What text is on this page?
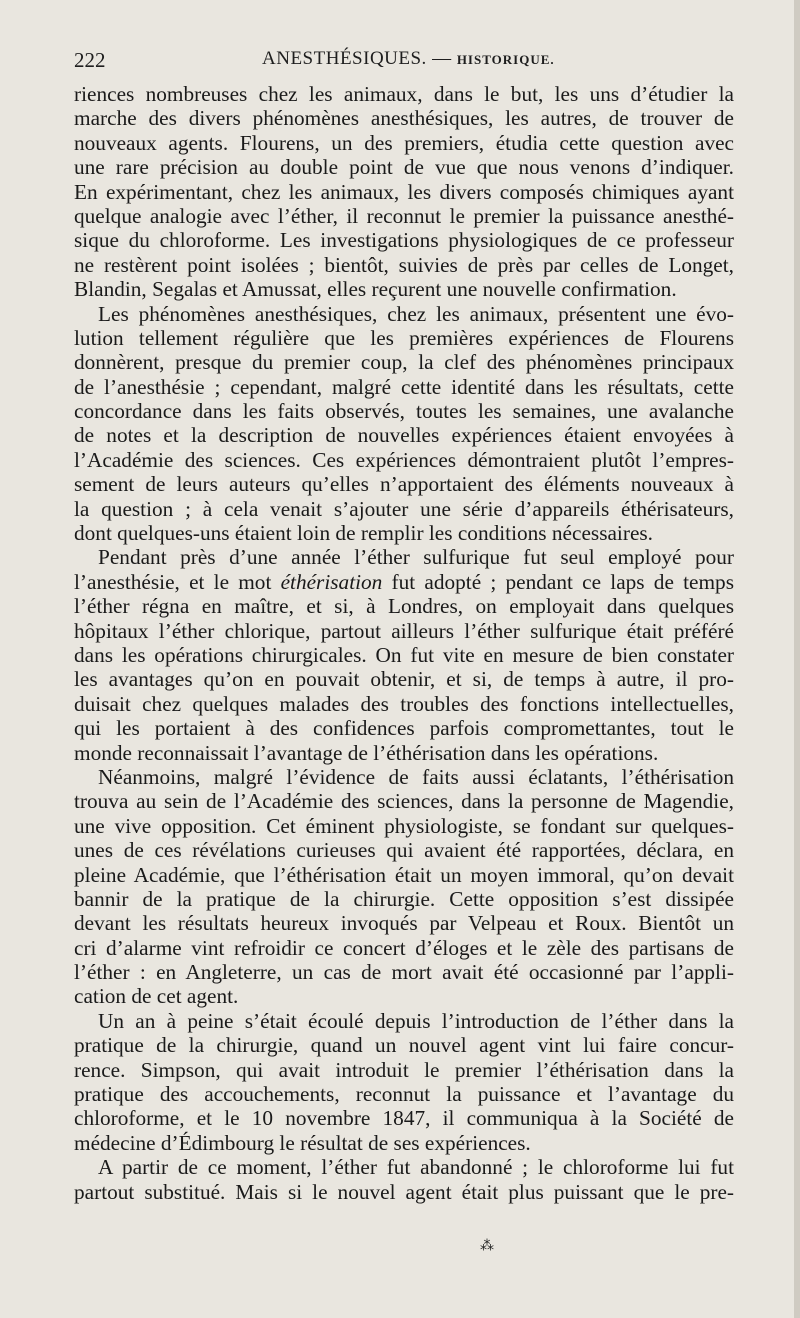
222	ANESTHÉSIQUES. — HISTORIQUE.
riences nombreuses chez les animaux, dans le but, les uns d’étudier la
marche des divers phénomènes anesthésiques, les autres, de trouver de
nouveaux agents. Flourens, un des premiers, étudia cette question avec
une rare précision au double point de vue que nous venons d’indiquer.
En expérimentant, chez les animaux, les divers composés chimiques ayant
quelque analogie avec l’éther, il reconnut le premier la puissance anesthé-
sique du chloroforme. Les investigations physiologiques de ce professeur
ne restèrent point isolées ; bientôt, suivies de près par celles de Longet,
Blandin, Segalas et Amussat, elles reçurent une nouvelle confirmation.
Les phénomènes anesthésiques, chez les animaux, présentent une évo-
lution tellement régulière que les premières expériences de Flourens
donnèrent, presque du premier coup, la clef des phénomènes principaux
de l’anesthésie ; cependant, malgré cette identité dans les résultats, cette
concordance dans les faits observés, toutes les semaines, une avalanche
de notes et la description de nouvelles expériences étaient envoyées à
l’Académie des sciences. Ces expériences démontraient plutôt l’empres-
sement de leurs auteurs qu’elles n’apportaient des éléments nouveaux à
la question ; à cela venait s’ajouter une série d’appareils éthérisateurs,
dont quelques-uns étaient loin de remplir les conditions nécessaires.
Pendant près d’une année l’éther sulfurique fut seul employé pour
l’anesthésie, et le mot éthérisation fut adopté ; pendant ce laps de temps
l’éther régna en maître, et si, à Londres, on employait dans quelques
hôpitaux l’éther chlorique, partout ailleurs l’éther sulfurique était préféré
dans les opérations chirurgicales. On fut vite en mesure de bien constater
les avantages qu’on en pouvait obtenir, et si, de temps à autre, il pro-
duisait chez quelques malades des troubles des fonctions intellectuelles,
qui les portaient à des confidences parfois compromettantes, tout le
monde reconnaissait l’avantage de l’éthérisation dans les opérations.
Néanmoins, malgré l’évidence de faits aussi éclatants, l’éthérisation
trouva au sein de l’Académie des sciences, dans la personne de Magendie,
une vive opposition. Cet éminent physiologiste, se fondant sur quelques-
unes de ces révélations curieuses qui avaient été rapportées, déclara, en
pleine Académie, que l’éthérisation était un moyen immoral, qu’on devait
bannir de la pratique de la chirurgie. Cette opposition s’est dissipée
devant les résultats heureux invoqués par Velpeau et Roux. Bientôt un
cri d’alarme vint refroidir ce concert d’éloges et le zèle des partisans de
l’éther : en Angleterre, un cas de mort avait été occasionné par l’appli-
cation de cet agent.
Un an à peine s’était écoulé depuis l’introduction de l’éther dans la
pratique de la chirurgie, quand un nouvel agent vint lui faire concur-
rence. Simpson, qui avait introduit le premier l’éthérisation dans la
pratique des accouchements, reconnut la puissance et l’avantage du
chloroforme, et le 10 novembre 1847, il communiqua à la Société de
médecine d’Édimbourg le résultat de ses expériences.
A partir de ce moment, l’éther fut abandonné ; le chloroforme lui fut
partout substitué. Mais si le nouvel agent était plus puissant que le pre-
⁂
